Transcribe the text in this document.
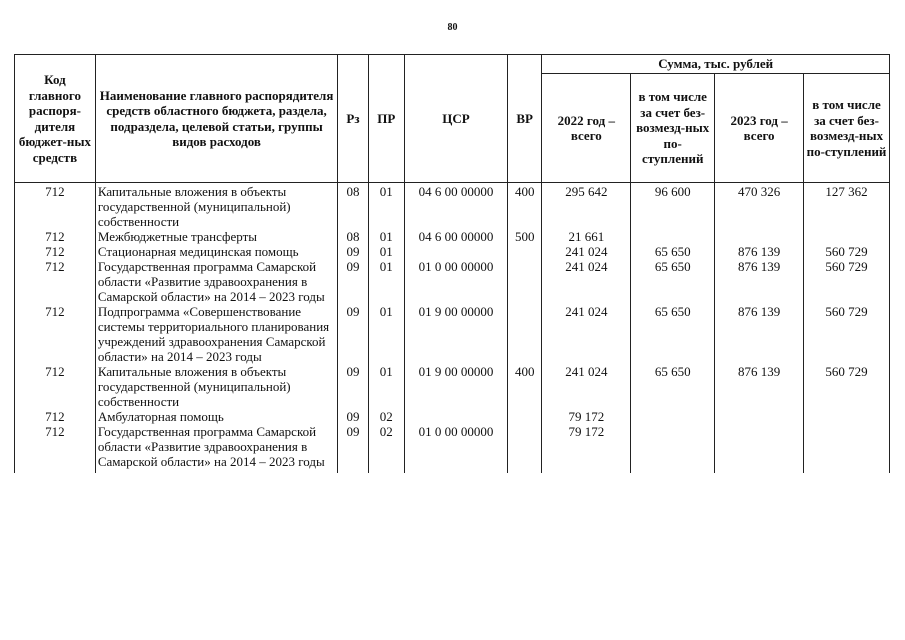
80
Код главного распоря-дителя бюджет-ных средств	Наименование главного распорядителя средств областного бюджета, раздела, подраздела, целевой статьи, группы видов расходов	Рз	ПР	ЦСР	ВР	Сумма, тыс. рублей			
						2022 год – всего	в том числе за счет без-возмезд-ных по-ступлений	2023 год – всего	в том числе за счет без-возмезд-ных по-ступлений
712	Капитальные вложения в объекты государственной (муниципальной) собственности	08	01	04 6 00 00000	400	295 642	96 600	470 326	127 362
712	Межбюджетные трансферты	08	01	04 6 00 00000	500	21 661			
712	Стационарная медицинская помощь	09	01			241 024	65 650	876 139	560 729
712	Государственная программа Самарской области «Развитие здравоохранения в Самарской области» на 2014 – 2023 годы	09	01	01 0 00 00000		241 024	65 650	876 139	560 729
712	Подпрограмма «Совершенствование системы территориального планирования учреждений здравоохранения Самарской области» на 2014 – 2023 годы	09	01	01 9 00 00000		241 024	65 650	876 139	560 729
712	Капитальные вложения в объекты государственной (муниципальной) собственности	09	01	01 9 00 00000	400	241 024	65 650	876 139	560 729
712	Амбулаторная помощь	09	02			79 172			
712	Государственная программа Самарской области «Развитие здравоохранения в Самарской области» на 2014 – 2023 годы	09	02	01 0 00 00000		79 172			
